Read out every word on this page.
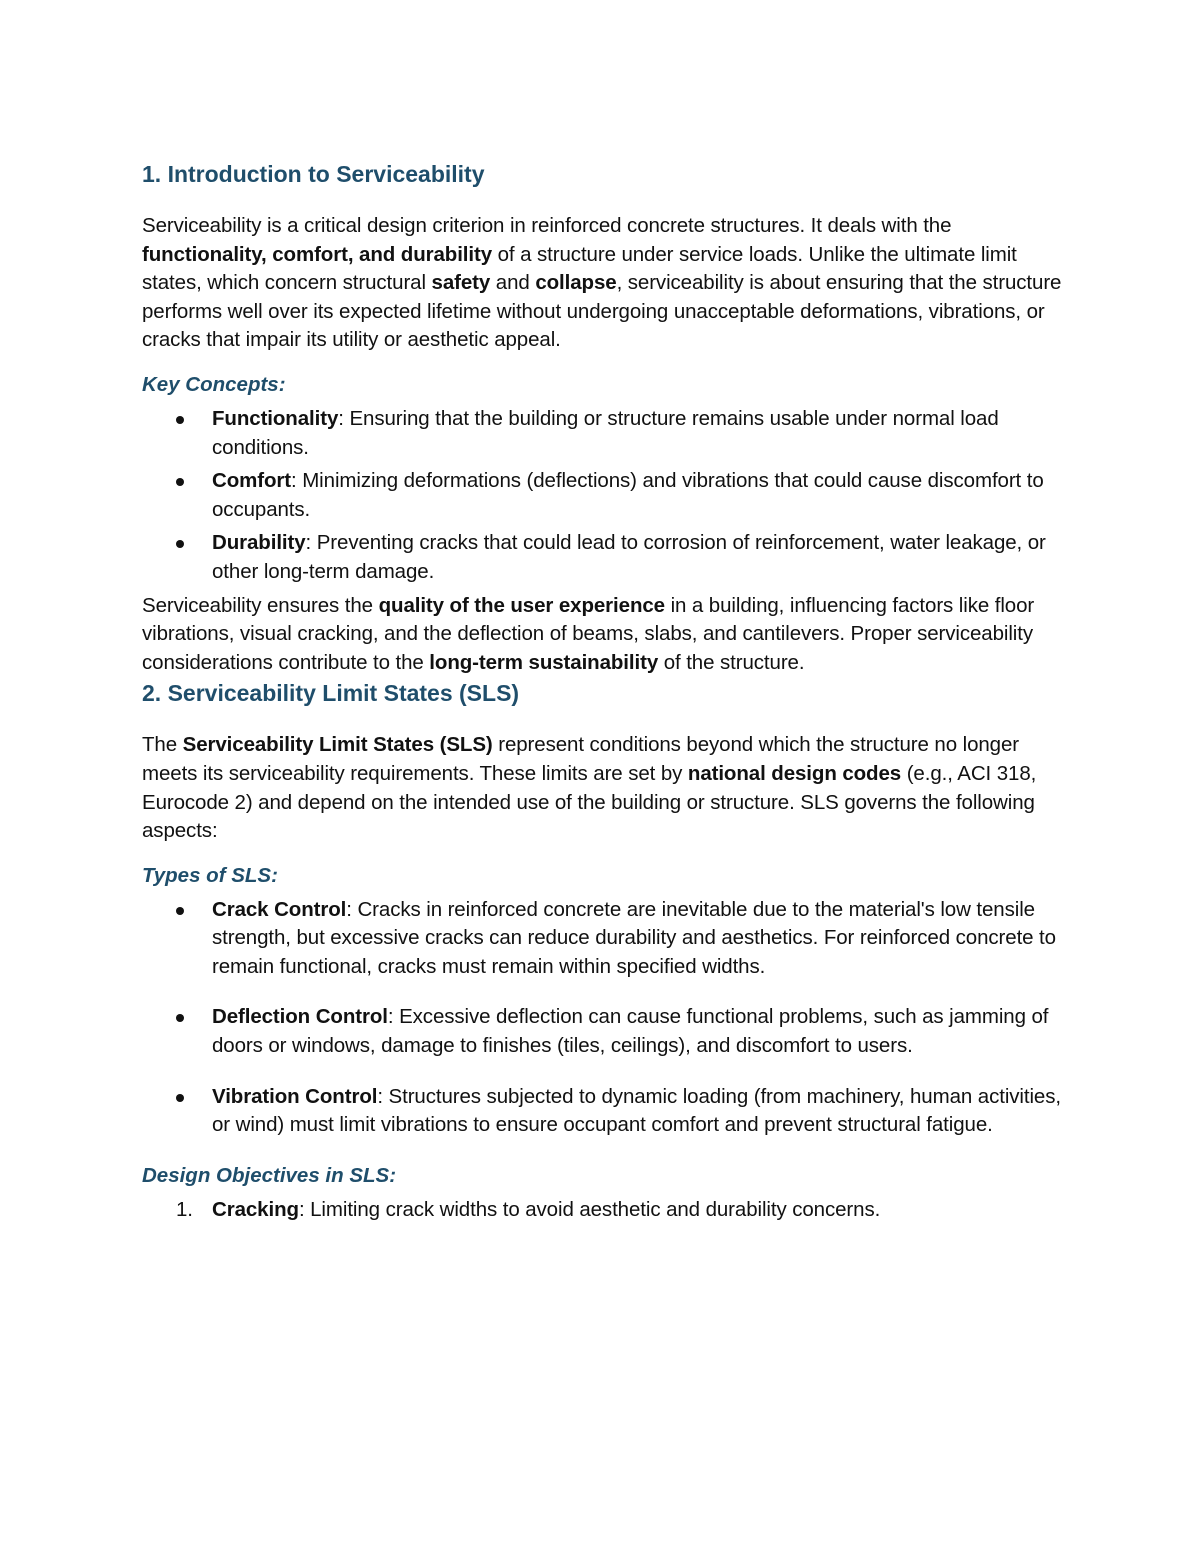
1. Introduction to Serviceability

Serviceability is a critical design criterion in reinforced concrete structures. It deals with the functionality, comfort, and durability of a structure under service loads. Unlike the ultimate limit states, which concern structural safety and collapse, serviceability is about ensuring that the structure performs well over its expected lifetime without undergoing unacceptable deformations, vibrations, or cracks that impair its utility or aesthetic appeal.

Key Concepts:
Functionality: Ensuring that the building or structure remains usable under normal load conditions.
Comfort: Minimizing deformations (deflections) and vibrations that could cause discomfort to occupants.
Durability: Preventing cracks that could lead to corrosion of reinforcement, water leakage, or other long-term damage.

Serviceability ensures the quality of the user experience in a building, influencing factors like floor vibrations, visual cracking, and the deflection of beams, slabs, and cantilevers. Proper serviceability considerations contribute to the long-term sustainability of the structure.

2. Serviceability Limit States (SLS)

The Serviceability Limit States (SLS) represent conditions beyond which the structure no longer meets its serviceability requirements. These limits are set by national design codes (e.g., ACI 318, Eurocode 2) and depend on the intended use of the building or structure. SLS governs the following aspects:

Types of SLS:
Crack Control: Cracks in reinforced concrete are inevitable due to the material's low tensile strength, but excessive cracks can reduce durability and aesthetics. For reinforced concrete to remain functional, cracks must remain within specified widths.
Deflection Control: Excessive deflection can cause functional problems, such as jamming of doors or windows, damage to finishes (tiles, ceilings), and discomfort to users.
Vibration Control: Structures subjected to dynamic loading (from machinery, human activities, or wind) must limit vibrations to ensure occupant comfort and prevent structural fatigue.
Design Objectives in SLS:
1. Cracking: Limiting crack widths to avoid aesthetic and durability concerns.
